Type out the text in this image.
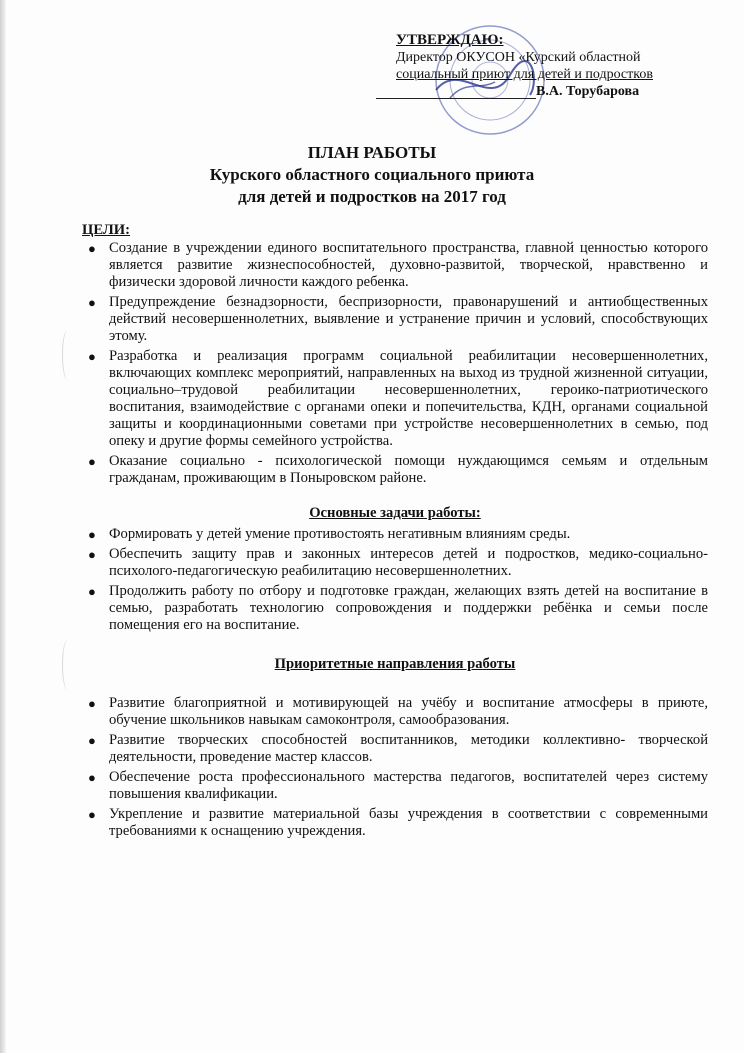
УТВЕРЖДАЮ:
Директор ОКУСОН «Курский областной
социальный приют для детей и подростков
В.А. Торубарова
ПЛАН РАБОТЫ
Курского областного социального приюта
для детей и подростков на 2017 год
ЦЕЛИ:
● Создание в учреждении единого воспитательного пространства, главной ценностью которого является развитие жизнеспособностей, духовно-развитой, творческой, нравственно и физически здоровой личности каждого ребенка.
● Предупреждение безнадзорности, беспризорности, правонарушений и антиобщественных действий несовершеннолетних, выявление и устранение причин и условий, способствующих этому.
● Разработка и реализация программ социальной реабилитации несовершеннолетних, включающих комплекс мероприятий, направленных на выход из трудной жизненной ситуации, социально–трудовой реабилитации несовершеннолетних, героико-патриотического воспитания, взаимодействие с органами опеки и попечительства, КДН, органами социальной защиты и координационными советами при устройстве несовершеннолетних в семью, под опеку и другие формы семейного устройства.
● Оказание социально - психологической помощи нуждающимся семьям и отдельным гражданам, проживающим в Поныровском районе.
Основные задачи работы:
● Формировать у детей умение противостоять негативным влияниям среды.
● Обеспечить защиту прав и законных интересов детей и подростков, медико-социально-психолого-педагогическую реабилитацию несовершеннолетних.
● Продолжить работу по отбору и подготовке граждан, желающих взять детей на воспитание в семью, разработать технологию сопровождения и поддержки ребёнка и семьи после помещения его на воспитание.
Приоритетные направления работы
● Развитие благоприятной и мотивирующей на учёбу и воспитание атмосферы в приюте, обучение школьников навыкам самоконтроля, самообразования.
● Развитие творческих способностей воспитанников, методики коллективно- творческой деятельности, проведение мастер классов.
● Обеспечение роста профессионального мастерства педагогов, воспитателей через систему повышения квалификации.
● Укрепление и развитие материальной базы учреждения в соответствии с современными требованиями к оснащению учреждения.
